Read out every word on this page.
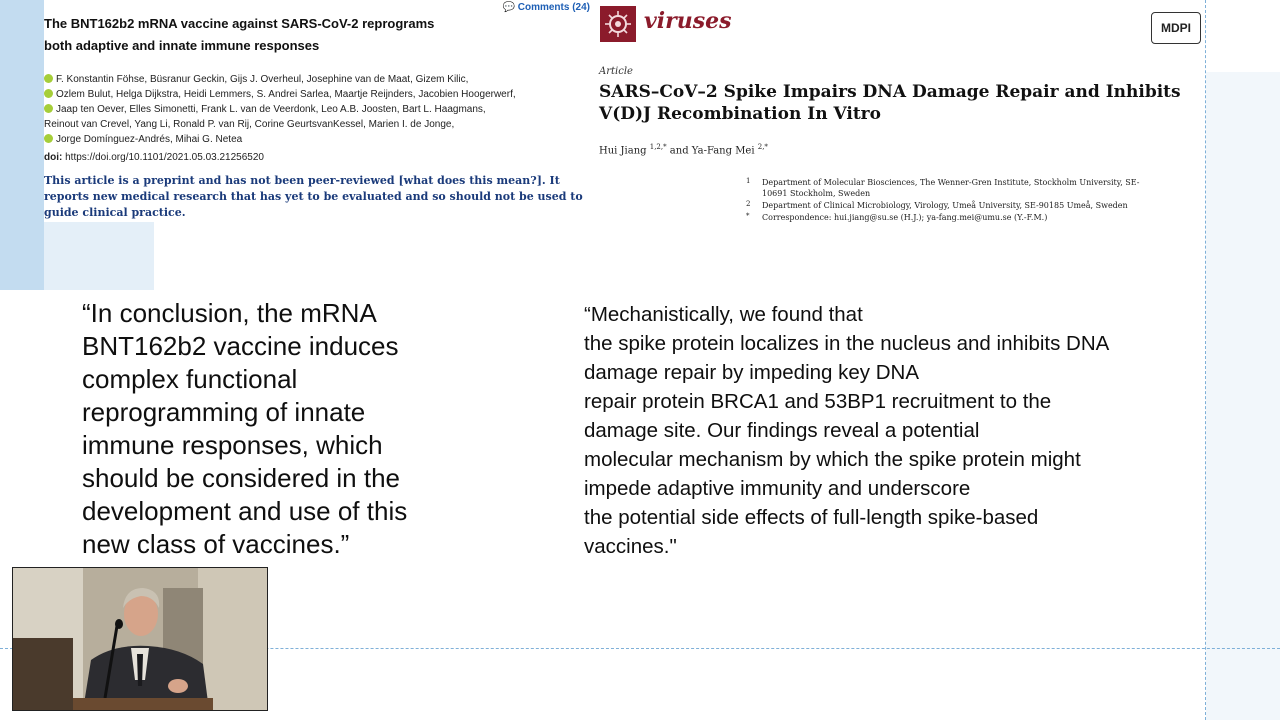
💬 Comments (24)
The BNT162b2 mRNA vaccine against SARS-CoV-2 reprograms
both adaptive and innate immune responses
F. Konstantin Föhse, Büsranur Geckin, Gijs J. Overheul, Josephine van de Maat, Gizem Kilic,
Ozlem Bulut, Helga Dijkstra, Heidi Lemmers, S. Andrei Sarlea, Maartje Reijnders, Jacobien Hoogerwerf,
Jaap ten Oever, Elles Simonetti, Frank L. van de Veerdonk, Leo A.B. Joosten, Bart L. Haagmans,
Reinout van Crevel, Yang Li, Ronald P. van Rij, Corine GeurtsvanKessel, Marien I. de Jonge,
Jorge Domínguez-Andrés, Mihai G. Netea
doi: https://doi.org/10.1101/2021.05.03.21256520
This article is a preprint and has not been peer-reviewed [what does this mean?]. It
reports new medical research that has yet to be evaluated and so should not be used to
guide clinical practice.
viruses	MDPI
Article
SARS–CoV–2 Spike Impairs DNA Damage Repair and Inhibits
V(D)J Recombination In Vitro
Hui Jiang $^{1,2,*}$ and Ya-Fang Mei $^{2,*}$
1 Department of Molecular Biosciences, The Wenner-Gren Institute, Stockholm University, SE-10691 Stockholm, Sweden
2 Department of Clinical Microbiology, Virology, Umeå University, SE-90185 Umeå, Sweden
* Correspondence: hui.jiang@su.se (H.J.); ya-fang.mei@umu.se (Y.-F.M.)
“In conclusion, the mRNA
BNT162b2 vaccine induces
complex functional
reprogramming of innate
immune responses, which
should be considered in the
development and use of this
new class of vaccines.”
“Mechanistically, we found that
the spike protein localizes in the nucleus and inhibits DNA
damage repair by impeding key DNA
repair protein BRCA1 and 53BP1 recruitment to the
damage site. Our findings reveal a potential
molecular mechanism by which the spike protein might
impede adaptive immunity and underscore
the potential side effects of full-length spike-based
vaccines."
